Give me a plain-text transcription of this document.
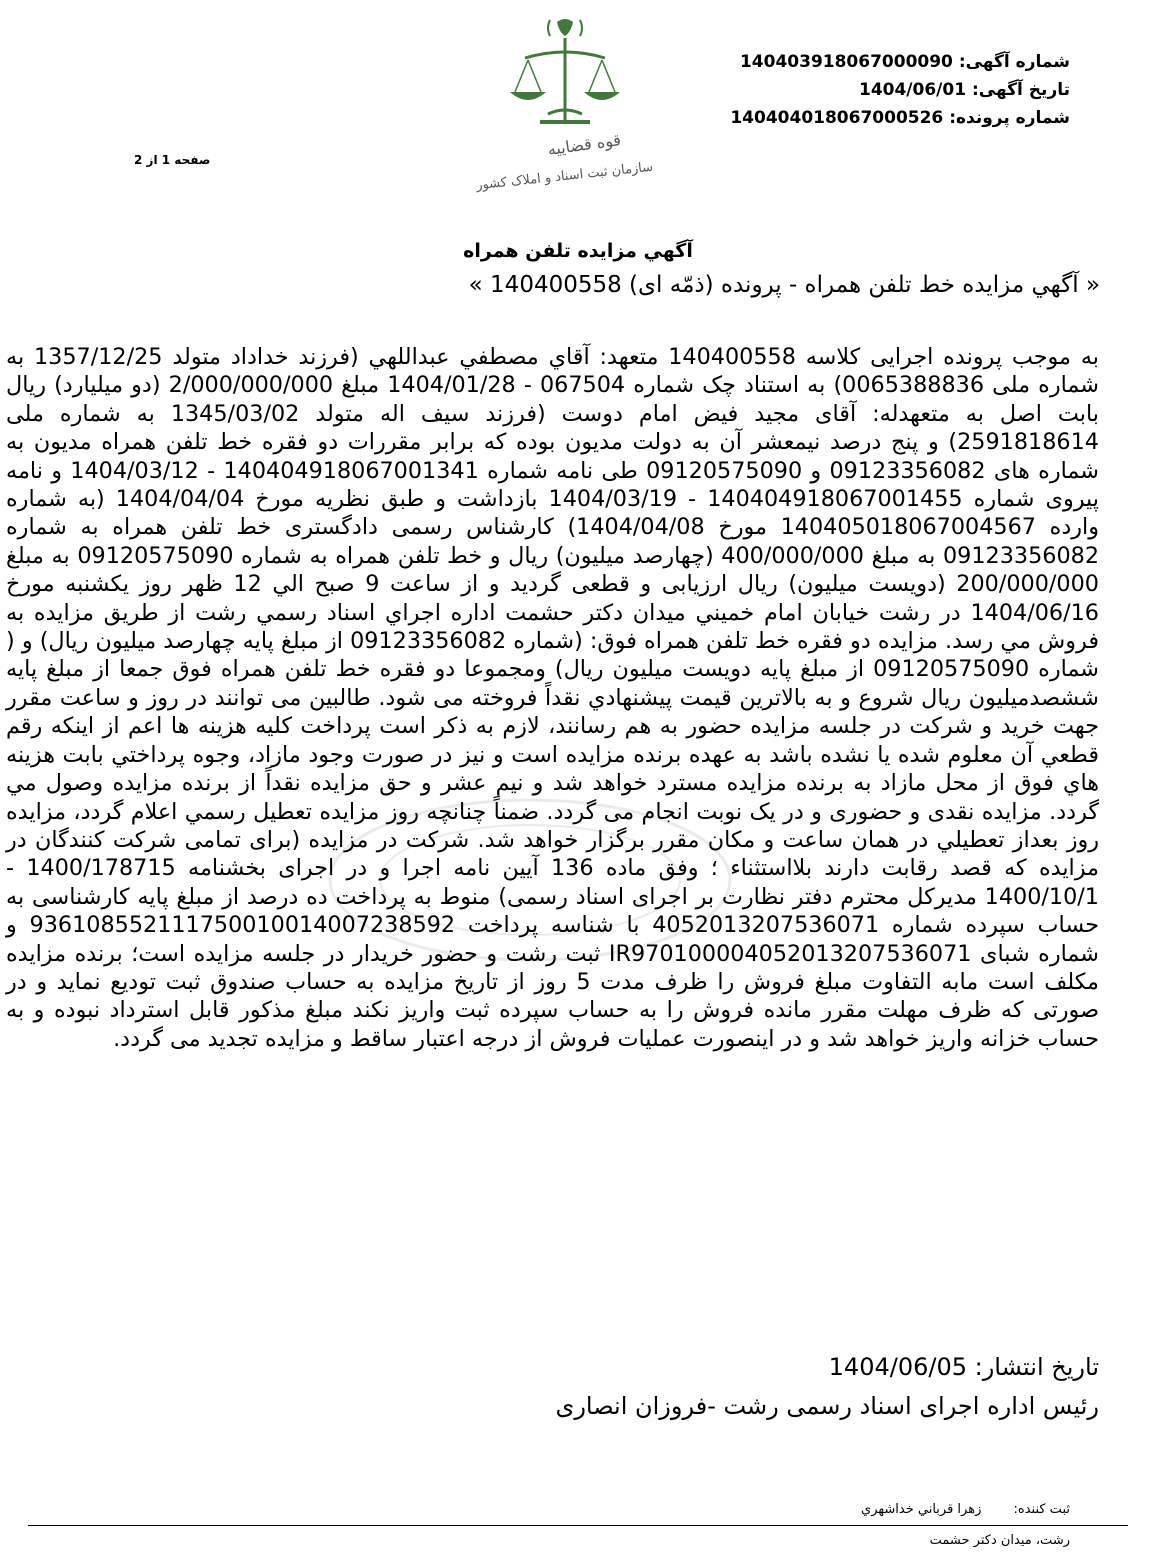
قوه قضاییه
سازمان ثبت اسناد و املاک کشور
شماره آگهی: 14040391806700009​0
تاریخ آگهی: 1404/06/01
شماره پرونده: 14040401806700052​6
صفحه 1 از 2
آگهي مزايده تلفن همراه
« آگهي مزايده خط تلفن همراه - پرونده (ذمّه ای) 140400558 »
به موجب پرونده اجرایی کلاسه 140400558 متعهد: آقاي مصطفي عبداللهي (فرزند خداداد متولد 1357/12/25 به شماره ملی 0065388836) به استناد چک شماره 067504 - 1404/01/28 مبلغ 2/000/000/000 (دو میلیارد) ریال بابت اصل به متعهدله: آقای مجید فیض امام دوست (فرزند سیف اله متولد 1345/03/02 به شماره ملی 2591818614) و پنج درصد نیمعشر آن به دولت مدیون بوده که برابر مقررات دو فقره خط تلفن همراه مدیون به شماره های 09123356082 و 09120575090 طی نامه شماره 140404918067001341 - 1404/03/12 و نامه پیروی شماره 140404918067001455 - 1404/03/19 بازداشت و طبق نظریه مورخ 1404/04/04 (به شماره وارده 140405018067004567 مورخ 1404/04/08) کارشناس رسمی دادگستری خط تلفن همراه به شماره 09123356082 به مبلغ 400/000/000 (چهارصد میلیون) ریال و خط تلفن همراه به شماره 09120575090 به مبلغ 200/000/000 (دویست میلیون) ریال ارزیابی و قطعی گردید و از ساعت 9 صبح الي 12 ظهر روز یکشنبه مورخ 1404/06/16 در رشت خيابان امام خميني ميدان دكتر حشمت اداره اجراي اسناد رسمي رشت از طريق مزايده به فروش مي رسد. مزایده دو فقره خط تلفن همراه فوق: (شماره 09123356082 از مبلغ پایه چهارصد میلیون ریال) و ( شماره 09120575090 از مبلغ پایه دویست میلیون ریال) ومجموعا دو فقره خط تلفن همراه فوق جمعا از مبلغ پایه ششصدمیلیون ریال شروع و به بالاترين قيمت پيشنهادي نقداً فروخته می شود. طالبین می توانند در روز و ساعت مقرر جهت خرید و شرکت در جلسه مزایده حضور به هم رسانند، لازم به ذکر است پرداخت کلیه هزینه ها اعم از اینکه رقم قطعي آن معلوم شده يا نشده باشد به عهده برنده مزايده است و نيز در صورت وجود مازاد، وجوه پرداختي بابت هزينه هاي فوق از محل مازاد به برنده مزايده مسترد خواهد شد و نيم عشر و حق مزايده نقداً از برنده مزايده وصول مي گردد. مزایده نقدی و حضوری و در یک نوبت انجام می گردد. ضمناً چنانچه روز مزایده تعطیل رسمي اعلام گردد، مزايده روز بعداز تعطيلي در همان ساعت و مكان مقرر برگزار خواهد شد. شرکت در مزایده (برای تمامی شرکت کنندگان در مزایده که قصد رقابت دارند بلااستثناء ؛ وفق ماده 136 آيين نامه اجرا و در اجرای بخشنامه 1400/178715 - 1400/10/1 مدیرکل محترم دفتر نظارت بر اجرای اسناد رسمی) منوط به پرداخت ده درصد از مبلغ پایه کارشناسی به حساب سپرده شماره 4052013207536071 با شناسه پرداخت 936108552111750010014007238592 و شماره شبای IR970100004052013207536071 ثبت رشت و حضور خریدار در جلسه مزایده است؛ برنده مزایده مکلف است مابه التفاوت مبلغ فروش را ظرف مدت 5 روز از تاریخ مزایده به حساب صندوق ثبت توديع نمايد و در صورتی که ظرف مهلت مقرر مانده فروش را به حساب سپرده ثبت واریز نکند مبلغ مذکور قابل استرداد نبوده و به حساب خزانه واریز خواهد شد و در اینصورت عملیات فروش از درجه اعتبار ساقط و مزایده تجدید می گردد.
تاریخ انتشار: 1404/06/05
رئیس اداره اجرای اسناد رسمی رشت -فروزان انصاری
ثبت کننده: زهرا قرباني خداشهري
رشت، میدان دکتر حشمت
